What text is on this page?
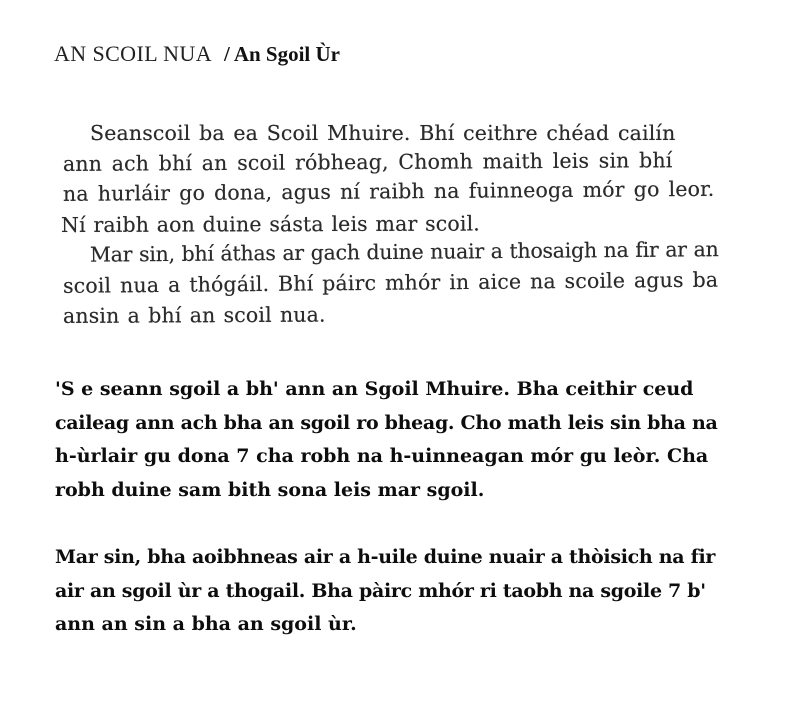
AN SCOIL NUA / An Sgoil Ùr
Seanscoil ba ea Scoil Mhuire. Bhí ceithre chéad cailín
ann ach bhí an scoil róbheag, Chomh maith leis sin bhí
na hurláir go dona, agus ní raibh na fuinneoga mór go leor.
Ní raibh aon duine sásta leis mar scoil.
Mar sin, bhí áthas ar gach duine nuair a thosaigh na fir ar an
scoil nua a thógáil. Bhí páirc mhór in aice na scoile agus ba
ansin a bhí an scoil nua.
'S e seann sgoil a bh' ann an Sgoil Mhuire. Bha ceithir ceud
caileag ann ach bha an sgoil ro bheag. Cho math leis sin bha na
h-ùrlair gu dona 7 cha robh na h-uinneagan mór gu leòr. Cha
robh duine sam bith sona leis mar sgoil.
Mar sin, bha aoibhneas air a h-uile duine nuair a thòisich na fir
air an sgoil ùr a thogail. Bha pàirc mhór ri taobh na sgoile 7 b'
ann an sin a bha an sgoil ùr.
